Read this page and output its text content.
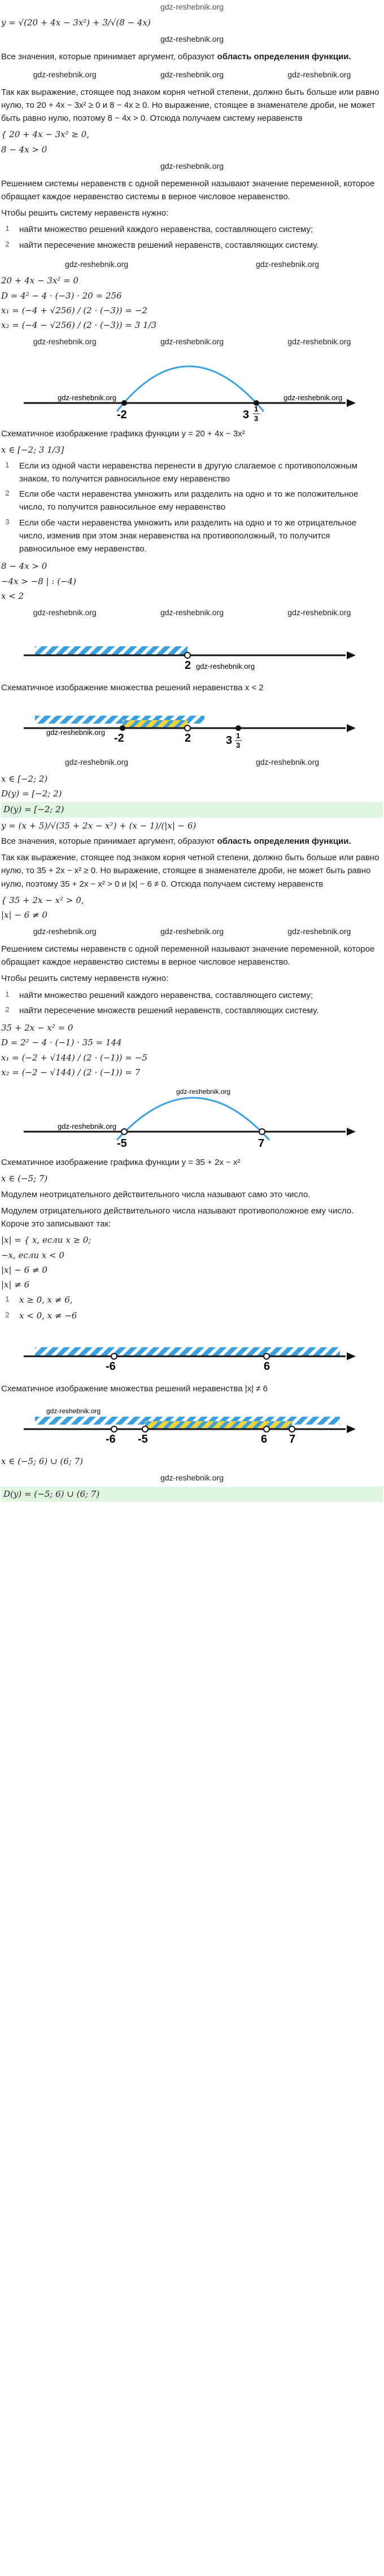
gdz-reshebnik.org
y = √(20 + 4x − 3x²) + 3/√(8 − 4x)
gdz-reshebnik.org

Все значения, которые принимает аргумент, образуют область определения функции.

gdz-reshebnik.org	gdz-reshebnik.org	gdz-reshebnik.org

Так как выражение, стоящее под знаком корня четной степени, должно быть больше или равно нулю, то 20 + 4x − 3x² ≥ 0 и 8 − 4x ≥ 0. Но выражение, стоящее в знаменателе дроби, не может быть равно нулю, поэтому 8 − 4x > 0. Отсюда получаем систему неравенств

{ 20 + 4x − 3x² ≥ 0,
8 − 4x > 0
gdz-reshebnik.org

Решением системы неравенств с одной переменной называют значение переменной, которое обращает каждое неравенство системы в верное числовое неравенство.

Чтобы решить систему неравенств нужно:

1	найти множество решений каждого неравенства, составляющего систему;
2	найти пересечение множеств решений неравенств, составляющих систему.
gdz-reshebnik.org	gdz-reshebnik.org
20 + 4x − 3x² = 0
D = 4² − 4 · (−3) · 20 = 256
x₁ = (−4 + √256) / (2 · (−3)) = −2
x₂ = (−4 − √256) / (2 · (−3)) = 3 1/3
gdz-reshebnik.org	gdz-reshebnik.org	gdz-reshebnik.org
-2	3 1
3
gdz-reshebnik.org	gdz-reshebnik.org

Схематичное изображение графика функции y = 20 + 4x − 3x²

x ∈ [−2; 3 1/3]
1	Если из одной части неравенства перенести в другую слагаемое с противоположным знаком, то получится равносильное ему неравенство
2	Если обе части неравенства умножить или разделить на одно и то же положительное число, то получится равносильное ему неравенство
3	Если обе части неравенства умножить или разделить на одно и то же отрицательное число, изменив при этом знак неравенства на противоположный, то получится равносильное ему неравенство.
8 − 4x > 0
−4x > −8 | : (−4)
x < 2
gdz-reshebnik.org	gdz-reshebnik.org	gdz-reshebnik.org
2 gdz-reshebnik.org

Схематичное изображение множества решений неравенства x < 2

-2	2	3 1
3
gdz-reshebnik.org
gdz-reshebnik.org	gdz-reshebnik.org
x ∈ [−2; 2)
D(y) = [−2; 2)
D(y) = [−2; 2)
y = (x + 5)/√(35 + 2x − x²) + (x − 1)/(|x| − 6)

Все значения, которые принимает аргумент, образуют область определения функции.

Так как выражение, стоящее под знаком корня четной степени, должно быть больше или равно нулю, то 35 + 2x − x² ≥ 0. Но выражение, стоящее в знаменателе дроби, не может быть равно нулю, поэтому 35 + 2x − x² > 0 и |x| − 6 ≠ 0. Отсюда получаем систему неравенств

{ 35 + 2x − x² > 0,
|x| − 6 ≠ 0
gdz-reshebnik.org	gdz-reshebnik.org	gdz-reshebnik.org

Решением системы неравенств с одной переменной называют значение переменной, которое обращает каждое неравенство системы в верное числовое неравенство.

Чтобы решить систему неравенств нужно:

1	найти множество решений каждого неравенства, составляющего систему;
2	найти пересечение множеств решений неравенств, составляющих систему.
35 + 2x − x² = 0
D = 2² − 4 · (−1) · 35 = 144
x₁ = (−2 + √144) / (2 · (−1)) = −5
x₂ = (−2 − √144) / (2 · (−1)) = 7
-5	7
gdz-reshebnik.org
gdz-reshebnik.org

Схематичное изображение графика функции y = 35 + 2x − x²

x ∈ (−5; 7)

Модулем неотрицательного действительного числа называют само это число.

Модулем отрицательного действительного числа называют противоположное ему число. Короче это записывают так:

|x| = { x, если x ≥ 0;
−x, если x < 0
|x| − 6 ≠ 0
|x| ≠ 6
1	x ≥ 0, x ≠ 6,
2	x < 0, x ≠ −6
-6	6

Схематичное изображение множества решений неравенства |x| ≠ 6

-6 -5	6 7
gdz-reshebnik.org
x ∈ (−5; 6) ∪ (6; 7)
gdz-reshebnik.org
D(y) = (−5; 6) ∪ (6; 7)
